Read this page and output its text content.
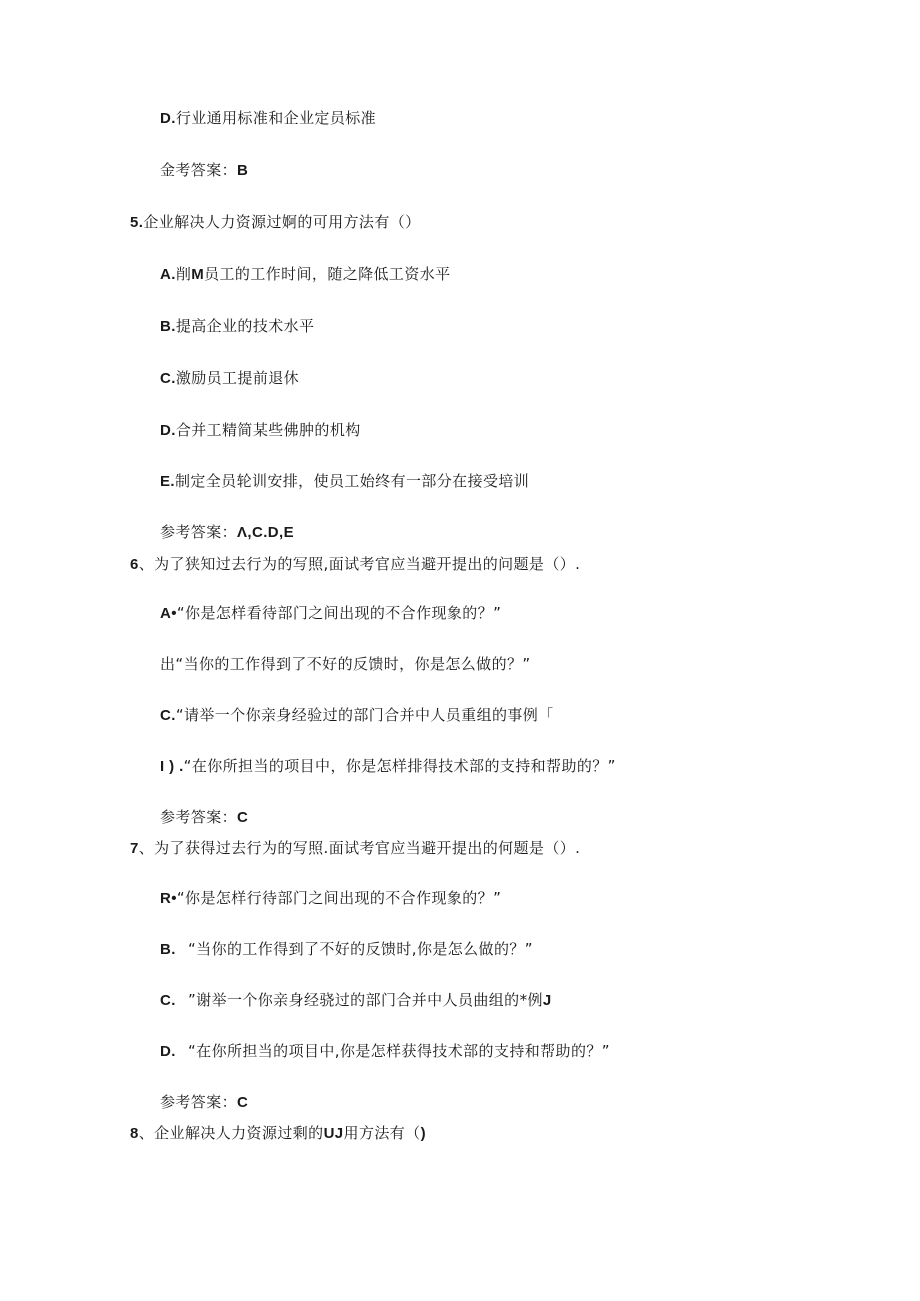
D.行业通用标准和企业定员标准
金考答案：B
5.企业解决人力资源过婀的可用方法有（）
A.削M员工的工作时间，随之降低工资水平
B.提高企业的技术水平
C.激励员工提前退休
D.合并工精简某些佛肿的机构
E.制定全员轮训安排，使员工始终有一部分在接受培训
参考答案：Λ,C.D,E
6、为了狭知过去行为的写照,面试考官应当避开提出的问题是（）.
A•“你是怎样看待部门之间出现的不合作现象的？”
出“当你的工作得到了不好的反馈时，你是怎么做的？”
C.“请举一个你亲身经验过的部门合并中人员重组的事例「
I ) .“在你所担当的项目中，你是怎样排得技术部的支持和帮助的？”
参考答案：C
7、为了获得过去行为的写照.面试考官应当避开提出的何题是（）.
R•“你是怎样行待部门之间出现的不合作现象的？”
B. “当你的工作得到了不好的反馈时,你是怎么做的？”
C. ”谢举一个你亲身经骁过的部门合并中人员曲组的*例J
D. “在你所担当的项目中,你是怎样获得技术部的支持和帮助的？”
参考答案：C
8、企业解决人力资源过剩的UJ用方法有（)
